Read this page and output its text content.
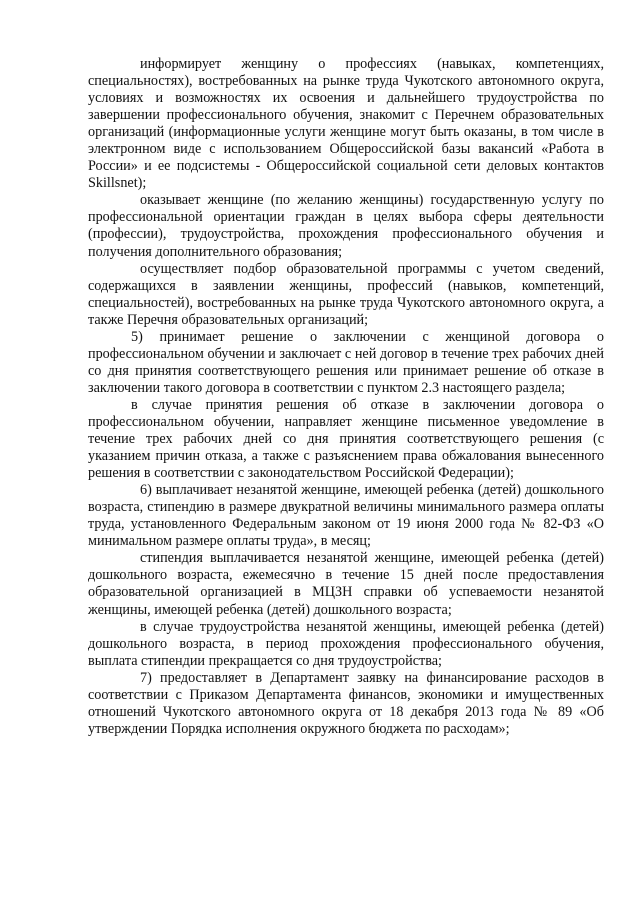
информирует женщину о профессиях (навыках, компетенциях, специальностях), востребованных на рынке труда Чукотского автономного округа, условиях и возможностях их освоения и дальнейшего трудоустройства по завершении профессионального обучения, знакомит с Перечнем образовательных организаций (информационные услуги женщине могут быть оказаны, в том числе в электронном виде с использованием Общероссийской базы вакансий «Работа в России» и ее подсистемы - Общероссийской социальной сети деловых контактов Skillsnet);

оказывает женщине (по желанию женщины) государственную услугу по профессиональной ориентации граждан в целях выбора сферы деятельности (профессии), трудоустройства, прохождения профессионального обучения и получения дополнительного образования;

осуществляет подбор образовательной программы с учетом сведений, содержащихся в заявлении женщины, профессий (навыков, компетенций, специальностей), востребованных на рынке труда Чукотского автономного округа, а также Перечня образовательных организаций;

5) принимает решение о заключении с женщиной договора о профессиональном обучении и заключает с ней договор в течение трех рабочих дней со дня принятия соответствующего решения или принимает решение об отказе в заключении такого договора в соответствии с пунктом 2.3 настоящего раздела;

в случае принятия решения об отказе в заключении договора о профессиональном обучении, направляет женщине письменное уведомление в течение трех рабочих дней со дня принятия соответствующего решения (с указанием причин отказа, а также с разъяснением права обжалования вынесенного решения в соответствии с законодательством Российской Федерации);

6) выплачивает незанятой женщине, имеющей ребенка (детей) дошкольного возраста, стипендию в размере двукратной величины минимального размера оплаты труда, установленного Федеральным законом от 19 июня 2000 года № 82-ФЗ «О минимальном размере оплаты труда», в месяц;

стипендия выплачивается незанятой женщине, имеющей ребенка (детей) дошкольного возраста, ежемесячно в течение 15 дней после предоставления образовательной организацией в МЦЗН справки об успеваемости незанятой женщины, имеющей ребенка (детей) дошкольного возраста;

в случае трудоустройства незанятой женщины, имеющей ребенка (детей) дошкольного возраста, в период прохождения профессионального обучения, выплата стипендии прекращается со дня трудоустройства;

7) предоставляет в Департамент заявку на финансирование расходов в соответствии с Приказом Департамента финансов, экономики и имущественных отношений Чукотского автономного округа от 18 декабря 2013 года № 89 «Об утверждении Порядка исполнения окружного бюджета по расходам»;
